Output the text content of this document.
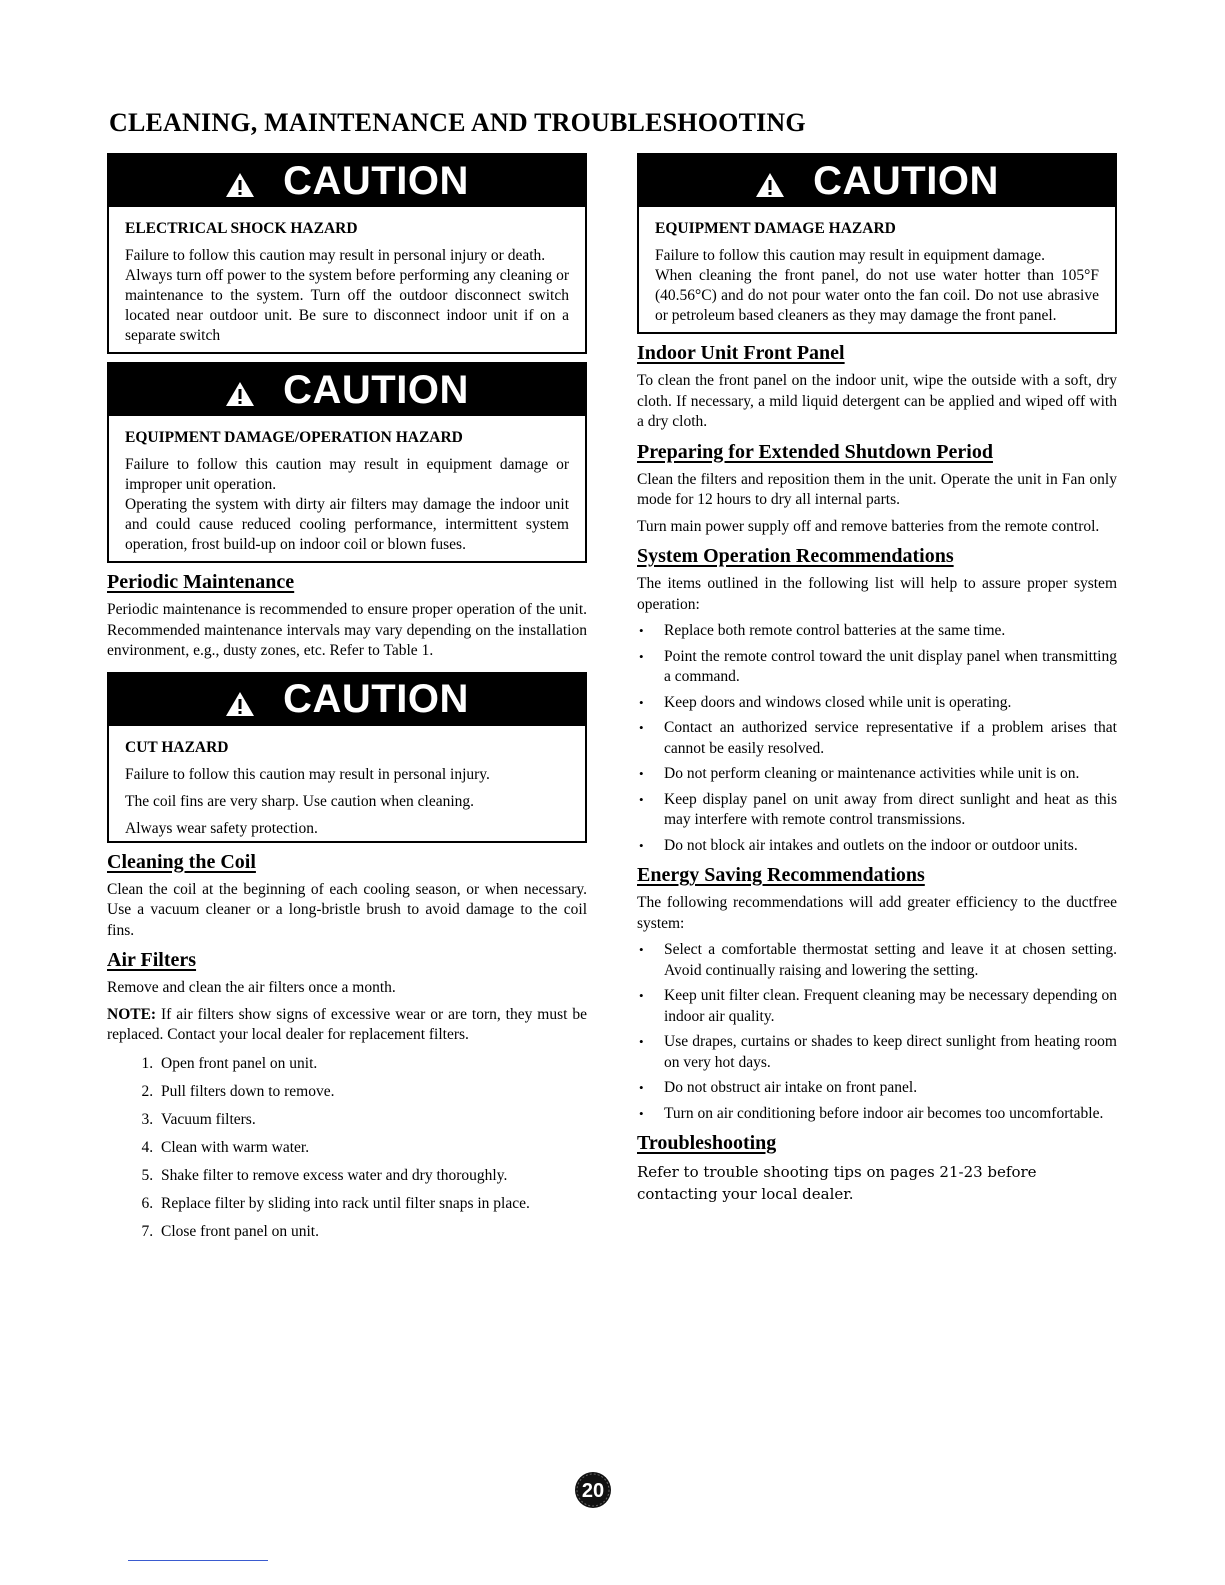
CLEANING, MAINTENANCE AND TROUBLESHOOTING
CAUTION
ELECTRICAL SHOCK HAZARD

Failure to follow this caution may result in personal injury or death.

Always turn off power to the system before performing any cleaning or maintenance to the system. Turn off the outdoor disconnect switch located near outdoor unit. Be sure to disconnect indoor unit if on a separate switch

CAUTION
EQUIPMENT DAMAGE/OPERATION HAZARD

Failure to follow this caution may result in equipment damage or improper unit operation.

Operating the system with dirty air filters may damage the indoor unit and could cause reduced cooling performance, intermittent system operation, frost build-up on indoor coil or blown fuses.

Periodic Maintenance

Periodic maintenance is recommended to ensure proper operation of the unit. Recommended maintenance intervals may vary depending on the installation environment, e.g., dusty zones, etc. Refer to Table 1.

CAUTION
CUT HAZARD

Failure to follow this caution may result in personal injury.

The coil fins are very sharp. Use caution when cleaning.

Always wear safety protection.

Cleaning the Coil

Clean the coil at the beginning of each cooling season, or when necessary. Use a vacuum cleaner or a long-bristle brush to avoid damage to the coil fins.

Air Filters

Remove and clean the air filters once a month.

NOTE: If air filters show signs of excessive wear or are torn, they must be replaced. Contact your local dealer for replacement filters.

1. Open front panel on unit.
2. Pull filters down to remove.
3. Vacuum filters.
4. Clean with warm water.
5. Shake filter to remove excess water and dry thoroughly.
6. Replace filter by sliding into rack until filter snaps in place.
7. Close front panel on unit.
CAUTION
EQUIPMENT DAMAGE HAZARD

Failure to follow this caution may result in equipment damage.

When cleaning the front panel, do not use water hotter than 105°F (40.56°C) and do not pour water onto the fan coil. Do not use abrasive or petroleum based cleaners as they may damage the front panel.

Indoor Unit Front Panel

To clean the front panel on the indoor unit, wipe the outside with a soft, dry cloth. If necessary, a mild liquid detergent can be applied and wiped off with a dry cloth.

Preparing for Extended Shutdown Period

Clean the filters and reposition them in the unit. Operate the unit in Fan only mode for 12 hours to dry all internal parts.

Turn main power supply off and remove batteries from the remote control.

System Operation Recommendations

The items outlined in the following list will help to assure proper system operation:

• Replace both remote control batteries at the same time.
• Point the remote control toward the unit display panel when transmitting a command.
• Keep doors and windows closed while unit is operating.
• Contact an authorized service representative if a problem arises that cannot be easily resolved.
• Do not perform cleaning or maintenance activities while unit is on.
• Keep display panel on unit away from direct sunlight and heat as this may interfere with remote control transmissions.
• Do not block air intakes and outlets on the indoor or outdoor units.
Energy Saving Recommendations

The following recommendations will add greater efficiency to the ductfree system:

• Select a comfortable thermostat setting and leave it at chosen setting. Avoid continually raising and lowering the setting.
• Keep unit filter clean. Frequent cleaning may be necessary depending on indoor air quality.
• Use drapes, curtains or shades to keep direct sunlight from heating room on very hot days.
• Do not obstruct air intake on front panel.
• Turn on air conditioning before indoor air becomes too uncomfortable.
Troubleshooting

Refer to trouble shooting tips on pages 21-23 before contacting your local dealer.

20
